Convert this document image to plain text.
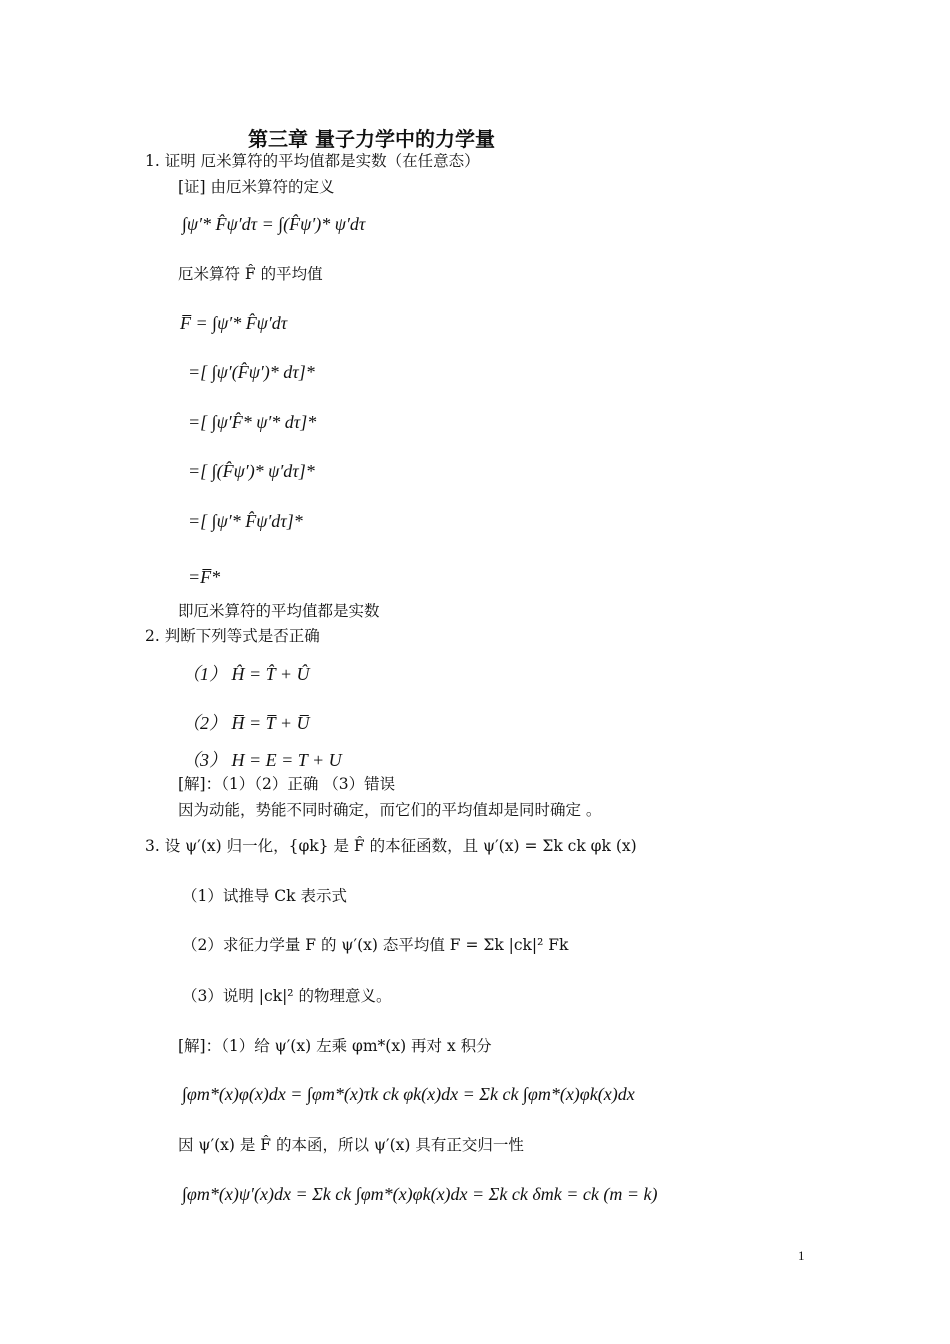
第三章 量子力学中的力学量
1. 证明 厄米算符的平均值都是实数（在任意态）
[证] 由厄米算符的定义
∫ψ′* F̂ψ′dτ = ∫(F̂ψ′)* ψ′dτ
厄米算符 F̂ 的平均值
F̅ = ∫ψ′* F̂ψ′dτ
=[ ∫ψ′(F̂ψ′)* dτ]*
=[ ∫ψ′F̂* ψ′* dτ]*
=[ ∫(F̂ψ′)* ψ′dτ]*
=[ ∫ψ′* F̂ψ′dτ]*
=F̅*
即厄米算符的平均值都是实数
2. 判断下列等式是否正确
（1） Ĥ = T̂ + Û
（2） H̅ = T̅ + U̅
（3） H = E = T + U
[解]：（1）（2）正确 （3）错误
因为动能，势能不同时确定，而它们的平均值却是同时确定 。
3. 设 ψ′(x) 归一化，{φk} 是 F̂ 的本征函数，且 ψ′(x) = Σk ck φk (x)
（1）试推导 Ck 表示式
（2）求征力学量 F 的 ψ′(x) 态平均值 F = Σk |ck|² Fk
（3）说明 |ck|² 的物理意义。
[解]：（1）给 ψ′(x) 左乘 φm*(x) 再对 x 积分
∫φm*(x)φ(x)dx = ∫φm*(x)τk ck φk(x)dx = Σk ck ∫φm*(x)φk(x)dx
因 ψ′(x) 是 F̂ 的本函，所以 ψ′(x) 具有正交归一性
∫φm*(x)ψ′(x)dx = Σk ck ∫φm*(x)φk(x)dx = Σk ck δmk = ck (m = k)
1
